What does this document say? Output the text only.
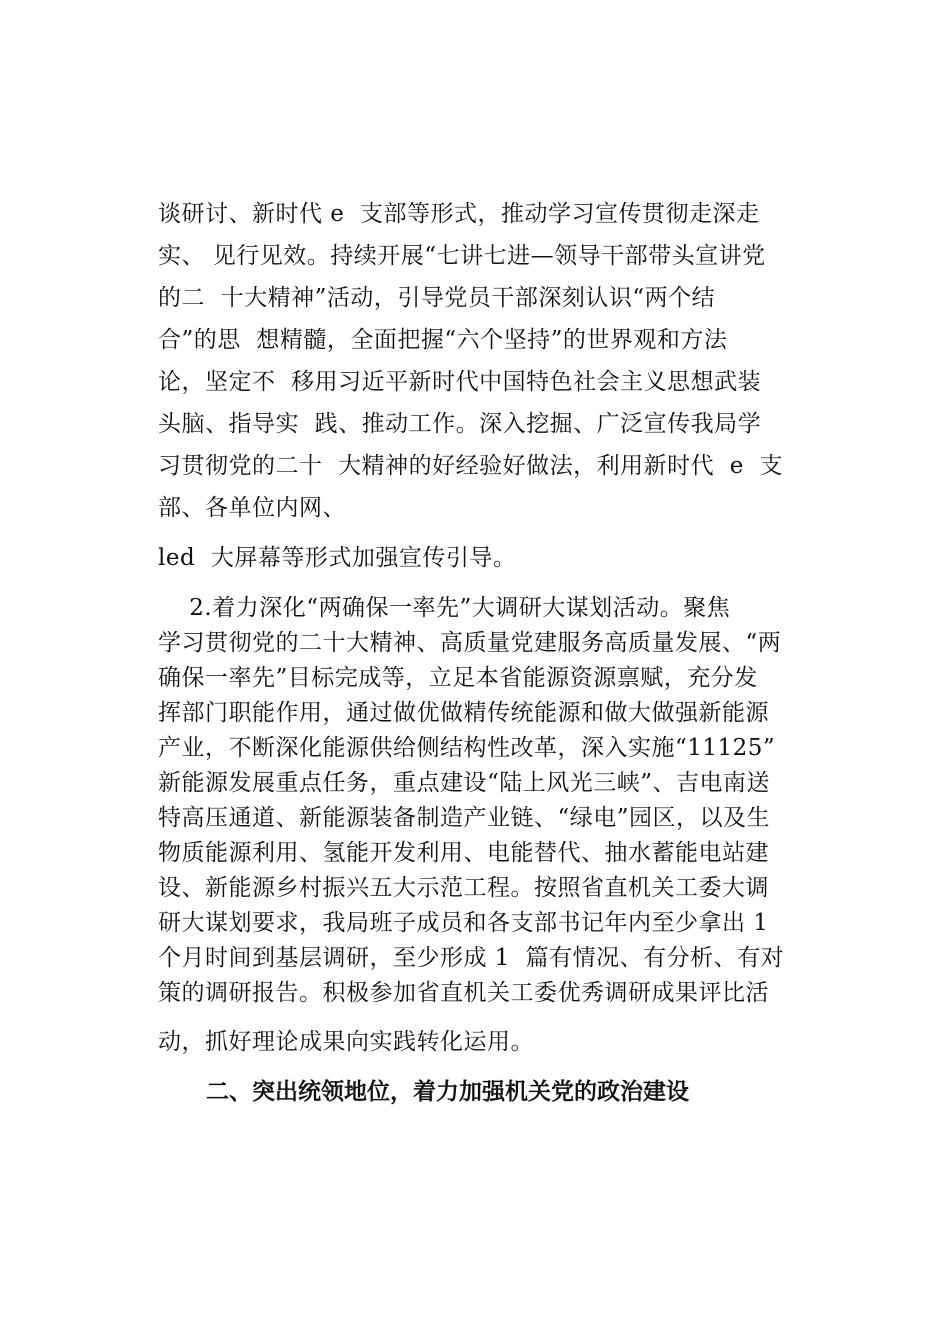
谈研讨、新时代 e  支部等形式，推动学习宣传贯彻走深走
实、 见行见效。持续开展“七讲七进—领导干部带头宣讲党
的二  十大精神”活动，引导党员干部深刻认识“两个结
合”的思  想精髓，全面把握“六个坚持”的世界观和方法
论，坚定不  移用习近平新时代中国特色社会主义思想武装
头脑、指导实  践、推动工作。深入挖掘、广泛宣传我局学
习贯彻党的二十  大精神的好经验好做法，利用新时代  e  支
部、各单位内网、
led  大屏幕等形式加强宣传引导。
2.着力深化“两确保一率先”大调研大谋划活动。聚焦
学习贯彻党的二十大精神、高质量党建服务高质量发展、“两
确保一率先”目标完成等，立足本省能源资源禀赋，充分发
挥部门职能作用，通过做优做精传统能源和做大做强新能源
产业，不断深化能源供给侧结构性改革，深入实施“11125”
新能源发展重点任务，重点建设“陆上风光三峡”、吉电南送
特高压通道、新能源装备制造产业链、“绿电”园区，以及生
物质能源利用、氢能开发利用、电能替代、抽水蓄能电站建
设、新能源乡村振兴五大示范工程。按照省直机关工委大调
研大谋划要求，我局班子成员和各支部书记年内至少拿出 1
个月时间到基层调研，至少形成 1  篇有情况、有分析、有对
策的调研报告。积极参加省直机关工委优秀调研成果评比活
动，抓好理论成果向实践转化运用。
二、突出统领地位，着力加强机关党的政治建设
